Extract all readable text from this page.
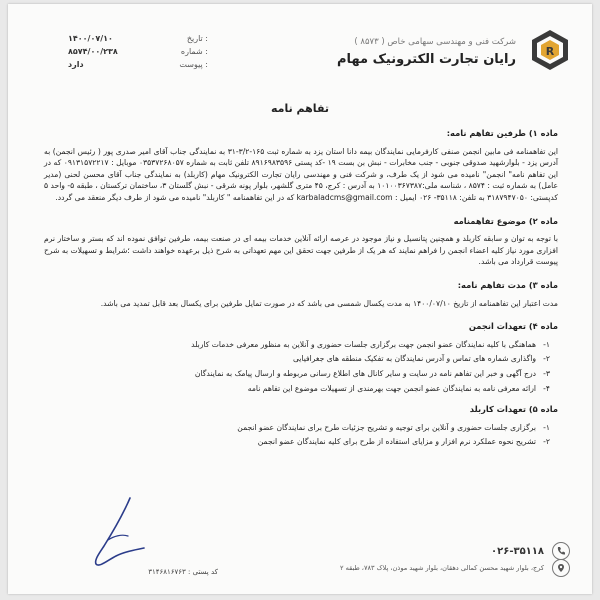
R
شرکت فنی و مهندسی سهامی خاص ( ۸۵۷۳ )
رایان تجارت الکترونیک مهام
تاریخ :
۱۴۰۰/۰۷/۱۰
شماره :
۸۵۷۴/۰۰/۲۳۸
پیوست :
دارد
تفاهم نامه
ماده ۱) طرفین تفاهم نامه:
این تفاهمنامه فی مابین انجمن صنفی کارفرمایی نمایندگان بیمه دانا استان یزد به شماره ثبت ۱۶۵-۳/۲-۳۱ به نمایندگی جناب آقای امیر صدری پور ( رئیس انجمن) به آدرس یزد - بلوارشهید صدوقی جنوبی - جنب مخابرات - نبش بن بست ۱۹ -کد پستی ۸۹۱۶۹۸۳۵۹۶ تلفن ثابت به شماره ۰۳۵۳۷۲۶۸۰۵۷ موبایل : ۰۹۱۳۱۵۷۲۲۱۷ که در این تفاهم نامه" انجمن" نامیده می شود از یک طرف، و شرکت فنی و مهندسی رایان تجارت الکترونیک مهام (کاربلد) به نمایندگی جناب آقای محسن لحنی (مدیر عامل) به شماره ثبت : ۸۵۷۴ ، شناسه ملی:۱۰۱۰۰۳۶۷۳۸۷ به آدرس : کرج، ۴۵ متری گلشهر، بلوار پونه شرقی - نبش گلستان ۳، ساختمان ترکستان ، طبقه ۵- واحد ۵ کدپستی: ۳۱۸۷۹۴۷۰۵۰ به تلفن: ۳۵۱۱۸- ۰۲۶ ایمیل : karbaladcms@gmail.com که در این تفاهمنامه " کاربلد" نامیده می شود از طرف دیگر منعقد می گردد.
ماده ۲) موضوع تفاهمنامه
با توجه به توان و سابقه کاربلد و همچنین پتانسیل و نیاز موجود در عرصه ارائه آنلاین خدمات بیمه ای در صنعت بیمه، طرفین توافق نموده اند که بستر و ساختار نرم افزاری مورد نیاز کلیه اعضاء انجمن را فراهم نمایند که هر یک از طرفین جهت تحقق این مهم تعهداتی به شرح ذیل برعهده خواهند داشت ؛شرایط و تسهیلات به شرح پیوست قرارداد می باشد.
ماده ۳) مدت تفاهم نامه:
مدت اعتبار این تفاهمنامه از تاریخ ۱۴۰۰/۰۷/۱۰ به مدت یکسال شمسی می باشد که در صورت تمایل طرفین برای یکسال بعد قابل تمدید می باشد.
ماده ۴) تعهدات انجمن
۱-
هماهنگی با کلیه نمایندگان عضو انجمن جهت برگزاری جلسات حضوری و آنلاین به منظور معرفی خدمات کاربلد
۲-
واگذاری شماره های تماس و آدرس نمایندگان به تفکیک منطقه های جغرافیایی
۳-
درج آگهی و خبر این تفاهم نامه در سایت و سایر کانال های اطلاع رسانی مربوطه و ارسال پیامک به نمایندگان
۴-
ارائه معرفی نامه به نمایندگان عضو انجمن جهت بهرمندی از تسهیلات موضوع این تفاهم نامه
ماده ۵) تعهدات کاربلد
۱-
برگزاری جلسات حضوری و آنلاین برای توجیه و تشریح جزئیات طرح برای نمایندگان عضو انجمن
۲-
تشریح نحوه عملکرد نرم افزار و مزایای استفاده از طرح برای کلیه نمایندگان عضو انجمن
کد پستی : ۳۱۴۶۸۱۶۷۶۳
۰۲۶-۳۵۱۱۸
کرج، بلوار شهید محسن کمالی دهقان، بلوار شهید موذن، پلاک ۷۸۳، طبقه ۲
